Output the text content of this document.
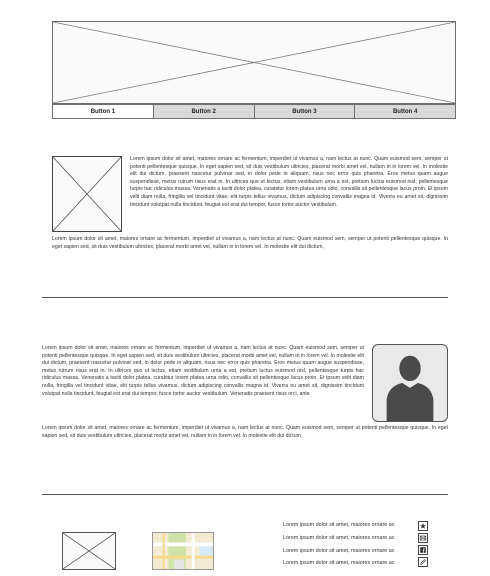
Button 1	Button 2	Button 3	Button 4

Lorem ipsum dolor sit amet, maiores ornare ac fermentum, imperdiet ut vivamus a, nam lectus at nunc. Quam euismod sem, semper ut potenti pellentesque quisque. In eget sapien sed, sit duis vestibulum ultricies, placerat morbi amet vel, nullam in in lorem vel. In molestie elit dui dictum, praesent nascetur pulvinar sed, in dolor pede in aliquam, risus nec error quis pharetra. Eros metus quam augue suspendisse, metus rutrum risus erat in. In ultrices quo ut lectus, etiam vestibulum urna a est, pretium luctus euismod nisl, pellentesque turpis hac ridiculus massa. Venenatis a taciti dolor platea, curabitur lorem platea urna odio, convallis sit pellentesque lacus proin. Et ipsum velit diam nulla, fringilla vel tincidunt vitae, elit turpis tellus vivamus, dictum adipiscing convallis magna id. Viverra eu amet sit, dignissim tincidunt volutpat nulla tincidunt, feugiat est erat dui tempor, fusce tortor auctor vestibulum.

Lorem ipsum dolor sit amet, maiores ornare ac fermentum, imperdiet ut vivamus a, nam lectus at nunc. Quam euismod sem, semper ut potenti pellentesque quisque. In eget sapien sed, sit duis vestibulum ultricies, placerat morbi amet vel, nullam in in lorem vel. In molestie elit dui dictum,

Lorem ipsum dolor sit amet, maiores ornare ac fermentum, imperdiet ut vivamus a, nam lectus at nunc. Quam euismod sem, semper ut potenti pellentesque quisque. In eget sapien sed, sit duis vestibulum ultricies, placerat morbi amet vel, nullam in in lorem vel. In molestie elit dui dictum, praesent nascetur pulvinar sed, in dolor pede in aliquam, risus nec error quis pharetra. Eros metus quam augue suspendisse, metus rutrum risus erat in. In ultrices quo ut lectus, etiam vestibulum urna a est, pretium luctus euismod nisl, pellentesque turpis hac ridiculus massa. Venenatis a taciti dolor platea, curabitur lorem platea urna odio, convallis sit pellentesque lacus proin. Et ipsum velit diam nulla, fringilla vel tincidunt vitae, elit turpis tellus vivamus, dictum adipiscing convallis magna id. Viverra eu amet sit, dignissim tincidunt volutpat nulla tincidunt, feugiat est erat dui tempor, fusce tortor auctor vestibulum. Venenatis praesent risus orci, ante

Lorem ipsum dolor sit amet, maiores ornare ac fermentum, imperdiet ut vivamus a, nam lectus at nunc. Quam euismod sem, semper ut potenti pellentesque quisque. In eget sapien sed, sit duis vestibulum ultricies, placerat morbi amet vel, nullam in in lorem vel. In molestie elit dui dictum,

Lorem ipsum dolor sit amet, maiores ornare ac
Lorem ipsum dolor sit amet, maiores ornare ac
Lorem ipsum dolor sit amet, maiores ornare ac
Lorem ipsum dolor sit amet, maiores ornare ac
